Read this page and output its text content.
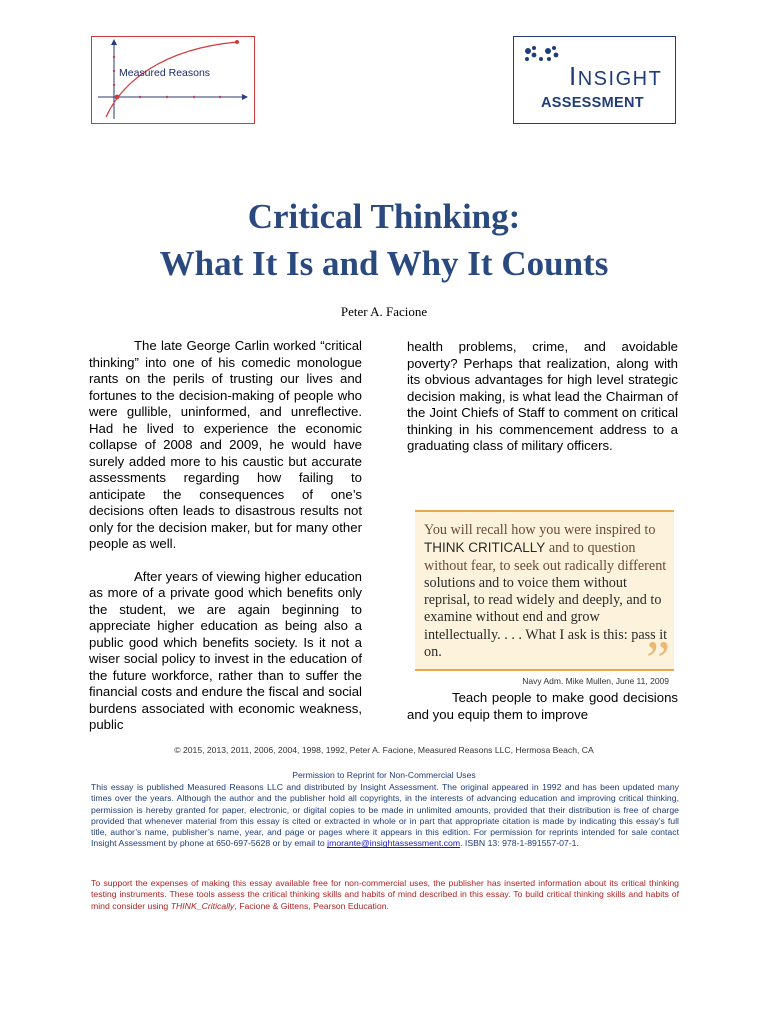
Measured Reasons	INSIGHT
ASSESSMENT
Critical Thinking:
What It Is and Why It Counts
Peter A. Facione

The late George Carlin worked “critical thinking” into one of his comedic monologue rants on the perils of trusting our lives and fortunes to the decision-making of people who were gullible, uninformed, and unreflective. Had he lived to experience the economic collapse of 2008 and 2009, he would have surely added more to his caustic but accurate assessments regarding how failing to anticipate the consequences of one’s decisions often leads to disastrous results not only for the decision maker, but for many other people as well.

After years of viewing higher education as more of a private good which benefits only the student, we are again beginning to appreciate higher education as being also a public good which benefits society. Is it not a wiser social policy to invest in the education of the future workforce, rather than to suffer the financial costs and endure the fiscal and social burdens associated with economic weakness, public

health problems, crime, and avoidable poverty? Perhaps that realization, along with its obvious advantages for high level strategic decision making, is what lead the Chairman of the Joint Chiefs of Staff to comment on critical thinking in his commencement address to a graduating class of military officers.

You will recall how you were inspired to THINK CRITICALLY and to question without fear, to seek out radically different solutions and to voice them without reprisal, to read widely and deeply, and to examine without end and grow intellectually. . . . What I ask is this: pass it on.	”
Navy Adm. Mike Mullen, June 11, 2009

Teach people to make good decisions and you equip them to improve

© 2015, 2013, 2011, 2006, 2004, 1998, 1992, Peter A. Facione, Measured Reasons LLC, Hermosa Beach, CA
Permission to Reprint for Non-Commercial Uses
This essay is published Measured Reasons LLC and distributed by Insight Assessment. The original appeared in 1992 and has been updated many times over the years. Although the author and the publisher hold all copyrights, in the interests of advancing education and improving critical thinking, permission is hereby granted for paper, electronic, or digital copies to be made in unlimited amounts, provided that their distribution is free of charge provided that whenever material from this essay is cited or extracted in whole or in part that appropriate citation is made by indicating this essay’s full title, author’s name, publisher’s name, year, and page or pages where it appears in this edition. For permission for reprints intended for sale contact Insight Assessment by phone at 650-697-5628 or by email to jmorante@insightassessment.com. ISBN 13: 978-1-891557-07-1.
To support the expenses of making this essay available free for non-commercial uses, the publisher has inserted information about its critical thinking testing instruments. These tools assess the critical thinking skills and habits of mind described in this essay. To build critical thinking skills and habits of mind consider using THINK_Critically, Facione & Gittens, Pearson Education.
